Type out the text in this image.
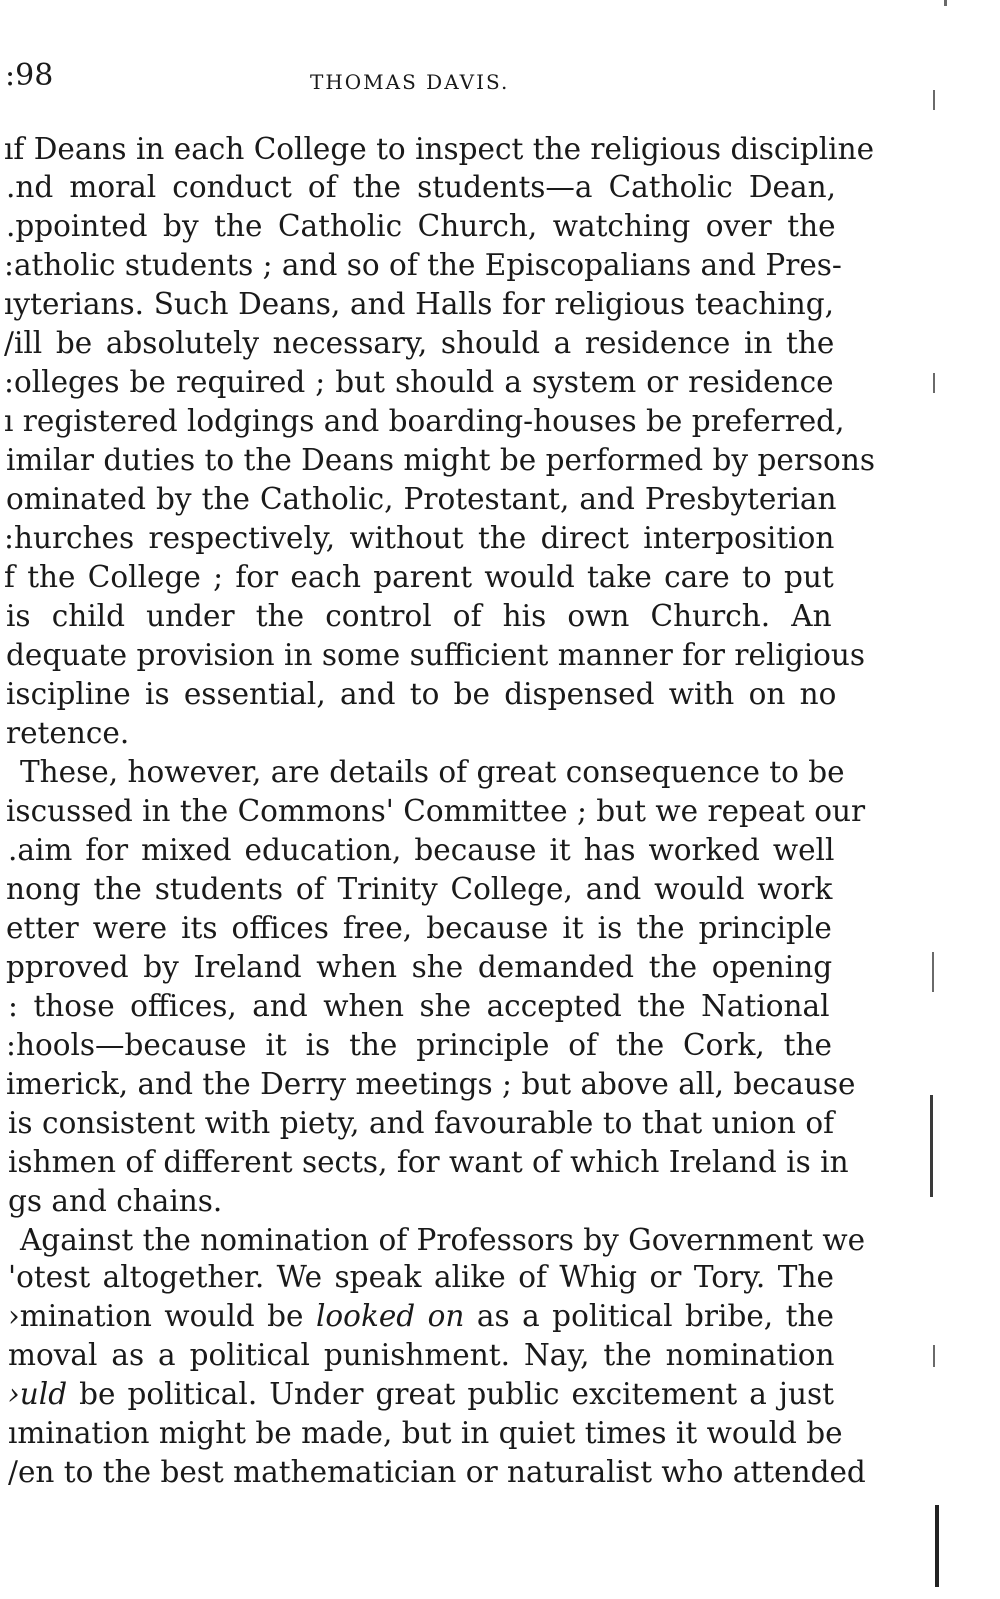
:98	THOMAS DAVIS.
ıf Deans in each College to inspect the religious discipline
.nd moral conduct of the students—a Catholic Dean,
.ppointed by the Catholic Church, watching over the
:atholic students ; and so of the Episcopalians and Pres-
ıyterians. Such Deans, and Halls for religious teaching,
/ill be absolutely necessary, should a residence in the
:olleges be required ; but should a system or residence
ı registered lodgings and boarding-houses be preferred,
imilar duties to the Deans might be performed by persons
ominated by the Catholic, Protestant, and Presbyterian
:hurches respectively, without the direct interposition
f the College ; for each parent would take care to put
is child under the control of his own Church. An
dequate provision in some sufficient manner for religious
iscipline is essential, and to be dispensed with on no
retence.
These, however, are details of great consequence to be
iscussed in the Commons' Committee ; but we repeat our
.aim for mixed education, because it has worked well
nong the students of Trinity College, and would work
etter were its offices free, because it is the principle
pproved by Ireland when she demanded the opening
: those offices, and when she accepted the National
:hools—because it is the principle of the Cork, the
imerick, and the Derry meetings ; but above all, because
is consistent with piety, and favourable to that union of
ishmen of different sects, for want of which Ireland is in
gs and chains.
Against the nomination of Professors by Government we
'otest altogether. We speak alike of Whig or Tory. The
›mination would be looked on as a political bribe, the
moval as a political punishment. Nay, the nomination
›uld be political. Under great public excitement a just
ımination might be made, but in quiet times it would be
/en to the best mathematician or naturalist who attended
